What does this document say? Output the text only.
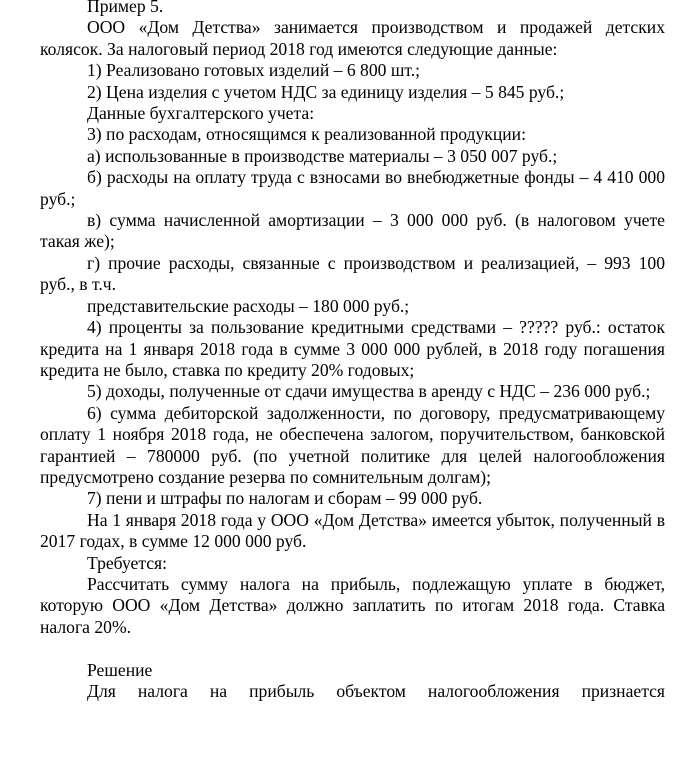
Пример 5.

ООО «Дом Детства» занимается производством и продажей детских колясок. За налоговый период 2018 год имеются следующие данные:

1) Реализовано готовых изделий – 6 800 шт.;

2) Цена изделия с учетом НДС за единицу изделия – 5 845 руб.;

Данные бухгалтерского учета:

3) по расходам, относящимся к реализованной продукции:

а) использованные в производстве материалы – 3 050 007 руб.;

б) расходы на оплату труда с взносами во внебюджетные фонды – 4 410 000 руб.;

в) сумма начисленной амортизации – 3 000 000 руб. (в налоговом учете такая же);

г) прочие расходы, связанные с производством и реализацией, – 993 100 руб., в т.ч.

представительские расходы – 180 000 руб.;

4) проценты за пользование кредитными средствами – ????? руб.: остаток кредита на 1 января 2018 года в сумме 3 000 000 рублей, в 2018 году погашения кредита не было, ставка по кредиту 20% годовых;

5) доходы, полученные от сдачи имущества в аренду с НДС – 236 000 руб.;

6) сумма дебиторской задолженности, по договору, предусматривающему оплату 1 ноября 2018 года, не обеспечена залогом, поручительством, банковской гарантией – 780000 руб. (по учетной политике для целей налогообложения предусмотрено создание резерва по сомнительным долгам);

7) пени и штрафы по налогам и сборам – 99 000 руб.

На 1 января 2018 года у ООО «Дом Детства» имеется убыток, полученный в 2017 годах, в сумме 12 000 000 руб.

Требуется:

Рассчитать сумму налога на прибыль, подлежащую уплате в бюджет, которую ООО «Дом Детства» должно заплатить по итогам 2018 года. Ставка налога 20%.

Решение

Для налога на прибыль объектом налогообложения признается
